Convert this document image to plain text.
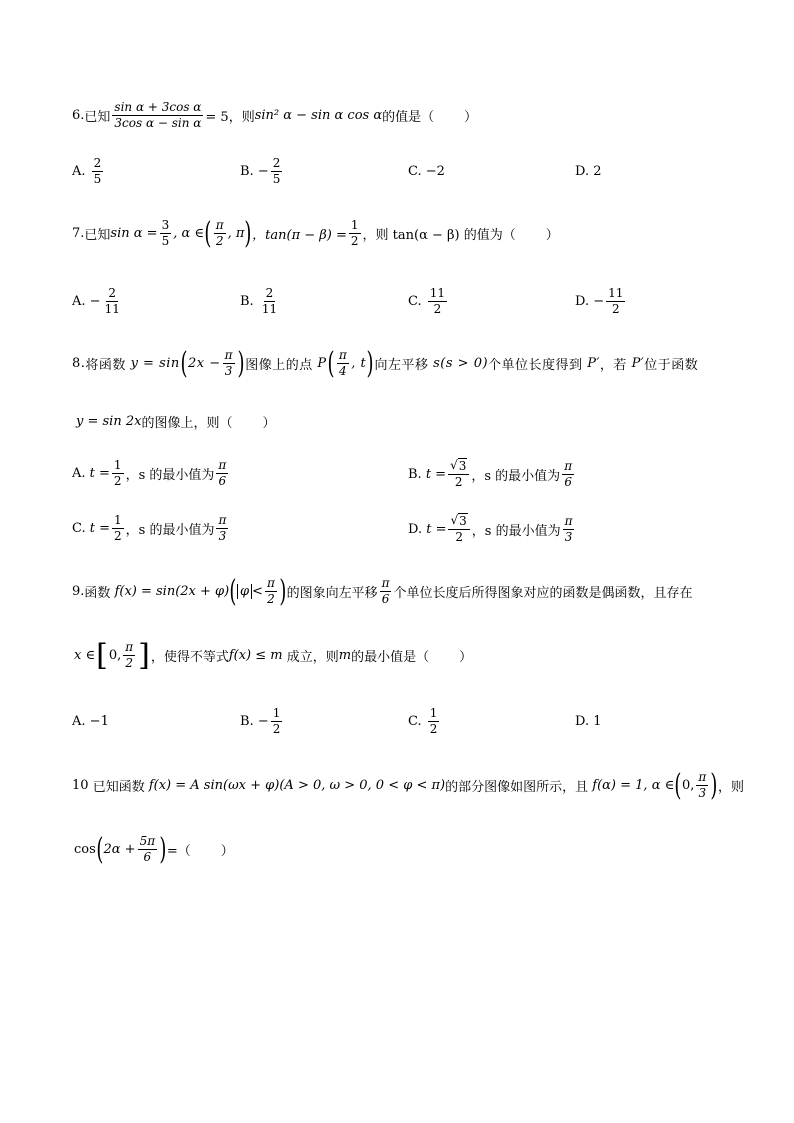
6. 已知 $\frac{\text{sin α + 3cos α}}{\text{3cos α − sin α}} = 5$，则 sin² α − sin α cos α 的值是（ ）
A.
$\frac{2}{5}$	B.
− $\frac{2}{5}$	C.
−2	D.
2
7. 已知 $\sin \alpha = \frac{3}{5}$ , α ∈ ( $\frac{\pi}{2}$ , π ) ，$\tan(\pi - \beta) = \frac{1}{2}$ ，则 tan(α − β) 的值为（ ）
A.
− $\frac{2}{11}$	B.
$\frac{2}{11}$	C.
$\frac{11}{2}$	D.
− $\frac{11}{2}$
8. 将函数
y = sin ( $2x - \frac{\pi}{3}$ ) 图像上的点
P ( $\frac{\pi}{4}$ , t ) 向左平移
s(s > 0) 个单位长度得到
P′ ，若
P′ 位于函数
y = sin 2x 的图像上，则（ ）
A.
$t = \frac{1}{2}$ ，s 的最小值为 $\frac{\pi}{6}$	B.
$t = \frac{√ 3}{2}$ ，s 的最小值为 $\frac{\pi}{6}$
C.
$t = \frac{1}{2}$ ，s 的最小值为 $\frac{\pi}{3}$	D.
$t = \frac{√ 3}{2}$ ，s 的最小值为 $\frac{\pi}{3}$
9. 函数
f(x) = sin(2x + φ) ( $\varphi < \frac{\pi}{2}$ ) 的图象向左平移 $\frac{\pi}{6}$ 个单位长度后所得图象对应的函数是偶函数，且存在
x ∈ [ 0, $\frac{\pi}{2}$ ] ，使得不等式 f(x) ≤ m
成立，则 m 的最小值是（ ）
A.
−1	B.
− $\frac{1}{2}$	C.
$\frac{1}{2}$	D.
1
10
已知函数
f(x) = A sin(ωx + φ)(A > 0, ω > 0, 0 < φ < π) 的部分图像如图所示，且
f(α) = 1, α ∈ ( 0, $\frac{\pi}{3}$ ) ，则
cos ( $2\alpha + \frac{5\pi}{6}$ ) =（ ）
